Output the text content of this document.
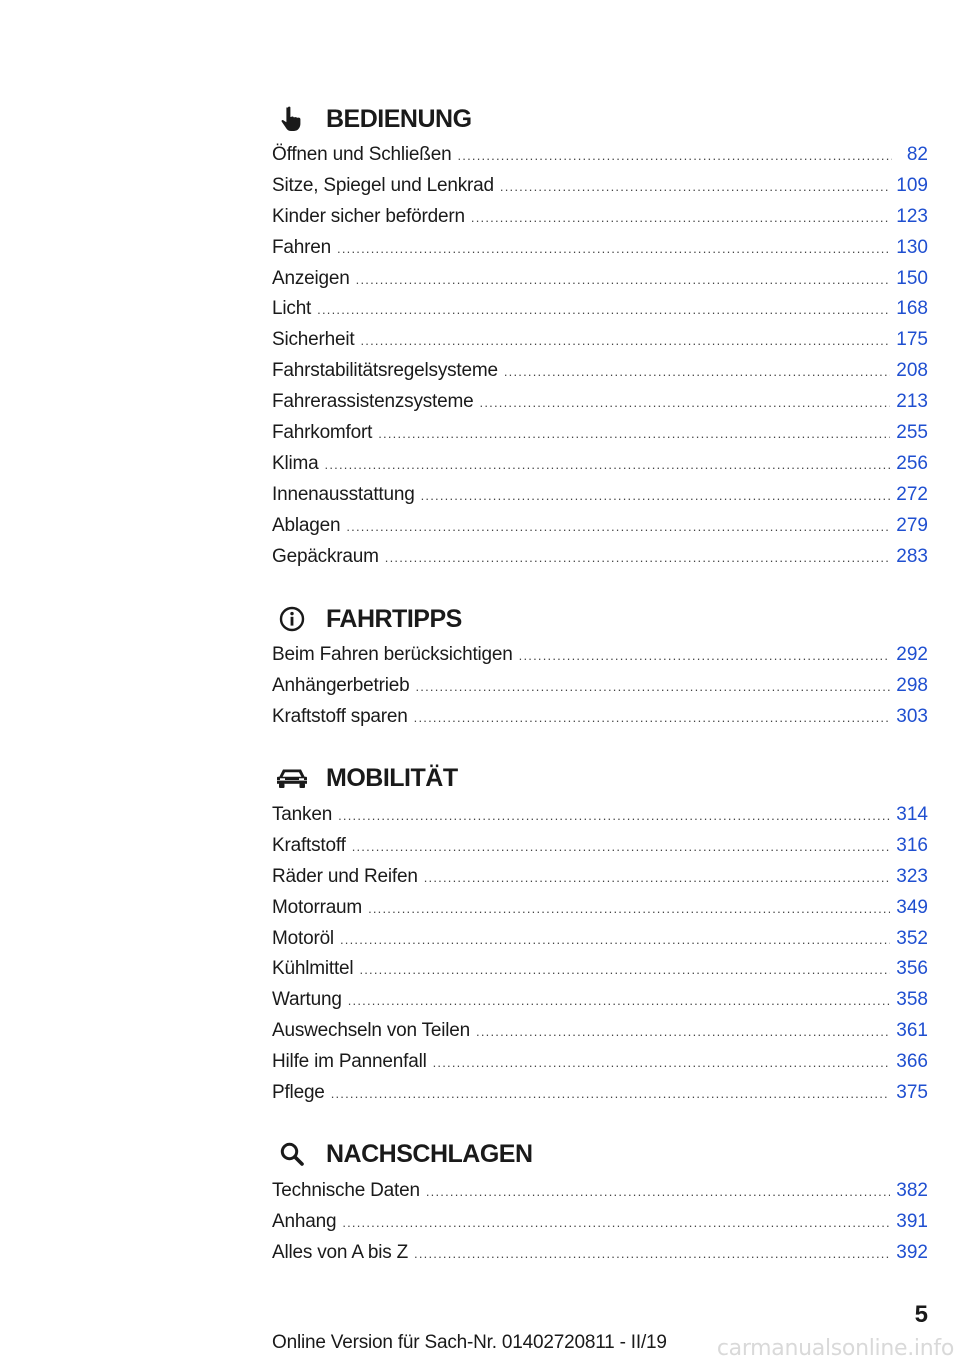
BEDIENUNG
Öffnen und Schließen .....	82
Sitze, Spiegel und Lenkrad .....	109
Kinder sicher befördern .....	123
Fahren .....	130
Anzeigen .....	150
Licht .....	168
Sicherheit .....	175
Fahrstabilitätsregelsysteme .....	208
Fahrerassistenzsysteme .....	213
Fahrkomfort .....	255
Klima .....	256
Innenausstattung .....	272
Ablagen .....	279
Gepäckraum .....	283
FAHRTIPPS
Beim Fahren berücksichtigen .....	292
Anhängerbetrieb .....	298
Kraftstoff sparen .....	303
MOBILITÄT
Tanken .....	314
Kraftstoff .....	316
Räder und Reifen .....	323
Motorraum .....	349
Motoröl .....	352
Kühlmittel .....	356
Wartung .....	358
Auswechseln von Teilen .....	361
Hilfe im Pannenfall .....	366
Pflege .....	375
NACHSCHLAGEN
Technische Daten .....	382
Anhang .....	391
Alles von A bis Z .....	392
5
Online Version für Sach-Nr. 01402720811 - II/19 carmanualsonline.info
